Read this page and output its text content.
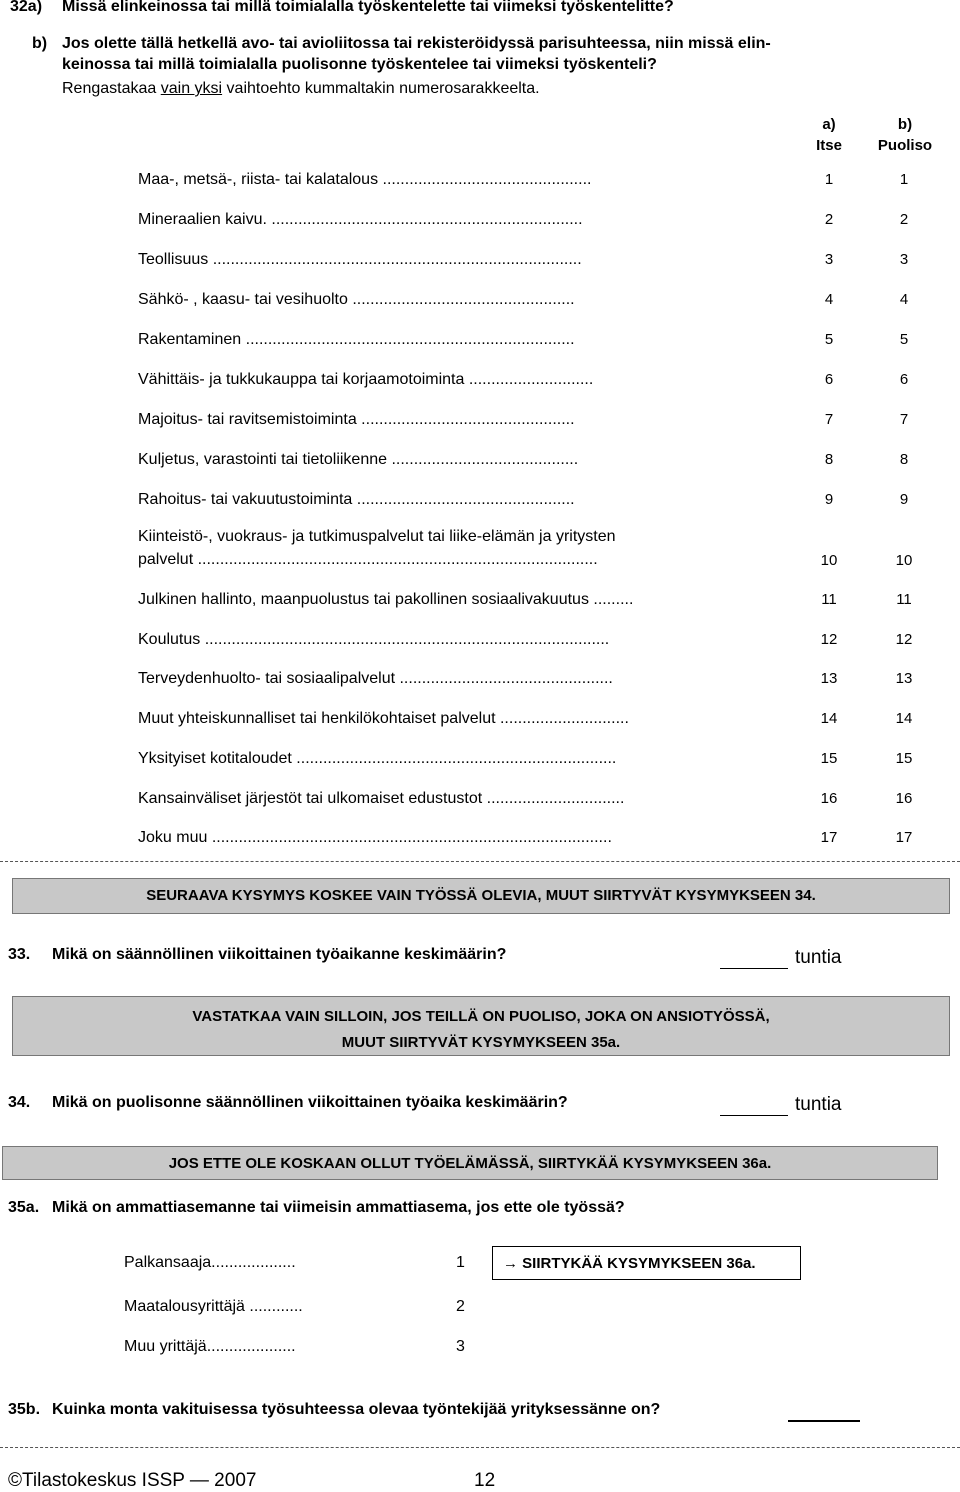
32a) Missä elinkeinossa tai millä toimialalla työskentelette tai viimeksi työskentelitte?
b) Jos olette tällä hetkellä avo- tai avioliitossa tai rekisteröidyssä parisuhteessa, niin missä elin-
keinossa tai millä toimialalla puolisonne työskentelee tai viimeksi työskenteli?
Rengastakaa vain yksi vaihtoehto kummaltakin numerosarakkeelta.
a)
Itse
b)
Puoliso
Maa-, metsä-, riista- tai kalatalous ...............................................	1	1
Mineraalien kaivu. ......................................................................	2	2
Teollisuus ...................................................................................	3	3
Sähkö- , kaasu- tai vesihuolto ..................................................	4	4
Rakentaminen ..........................................................................	5	5
Vähittäis- ja tukkukauppa tai korjaamotoiminta ............................	6	6
Majoitus- tai ravitsemistoiminta ................................................	7	7
Kuljetus, varastointi tai tietoliikenne ..........................................	8	8
Rahoitus- tai vakuutustoiminta .................................................	9	9
Kiinteistö-, vuokraus- ja tutkimuspalvelut tai liike-elämän ja yritysten
palvelut ..........................................................................................	10	10
Julkinen hallinto, maanpuolustus tai pakollinen sosiaalivakuutus .........	11	11
Koulutus ...........................................................................................	12	12
Terveydenhuolto- tai sosiaalipalvelut ................................................	13	13
Muut yhteiskunnalliset tai henkilökohtaiset palvelut .............................	14	14
Yksityiset kotitaloudet ........................................................................	15	15
Kansainväliset järjestöt tai ulkomaiset edustustot ...............................	16	16
Joku muu ..........................................................................................	17	17
SEURAAVA KYSYMYS KOSKEE VAIN TYÖSSÄ OLEVIA, MUUT SIIRTYVÄT KYSYMYKSEEN 34.
33. Mikä on säännöllinen viikoittainen työaikanne keskimäärin?	tuntia
VASTATKAA VAIN SILLOIN, JOS TEILLÄ ON PUOLISO, JOKA ON ANSIOTYÖSSÄ,
MUUT SIIRTYVÄT KYSYMYKSEEN 35a.
34. Mikä on puolisonne säännöllinen viikoittainen työaika keskimäärin?	tuntia
JOS ETTE OLE KOSKAAN OLLUT TYÖELÄMÄSSÄ, SIIRTYKÄÄ KYSYMYKSEEN 36a.
35a. Mikä on ammattiasemanne tai viimeisin ammattiasema, jos ette ole työssä?
Palkansaaja...................	1	→ SIIRTYKÄÄ KYSYMYKSEEN 36a.
Maatalousyrittäjä ............	2
Muu yrittäjä....................	3
35b. Kuinka monta vakituisessa työsuhteessa olevaa työntekijää yrityksessänne on?
©Tilastokeskus ISSP — 2007	12
